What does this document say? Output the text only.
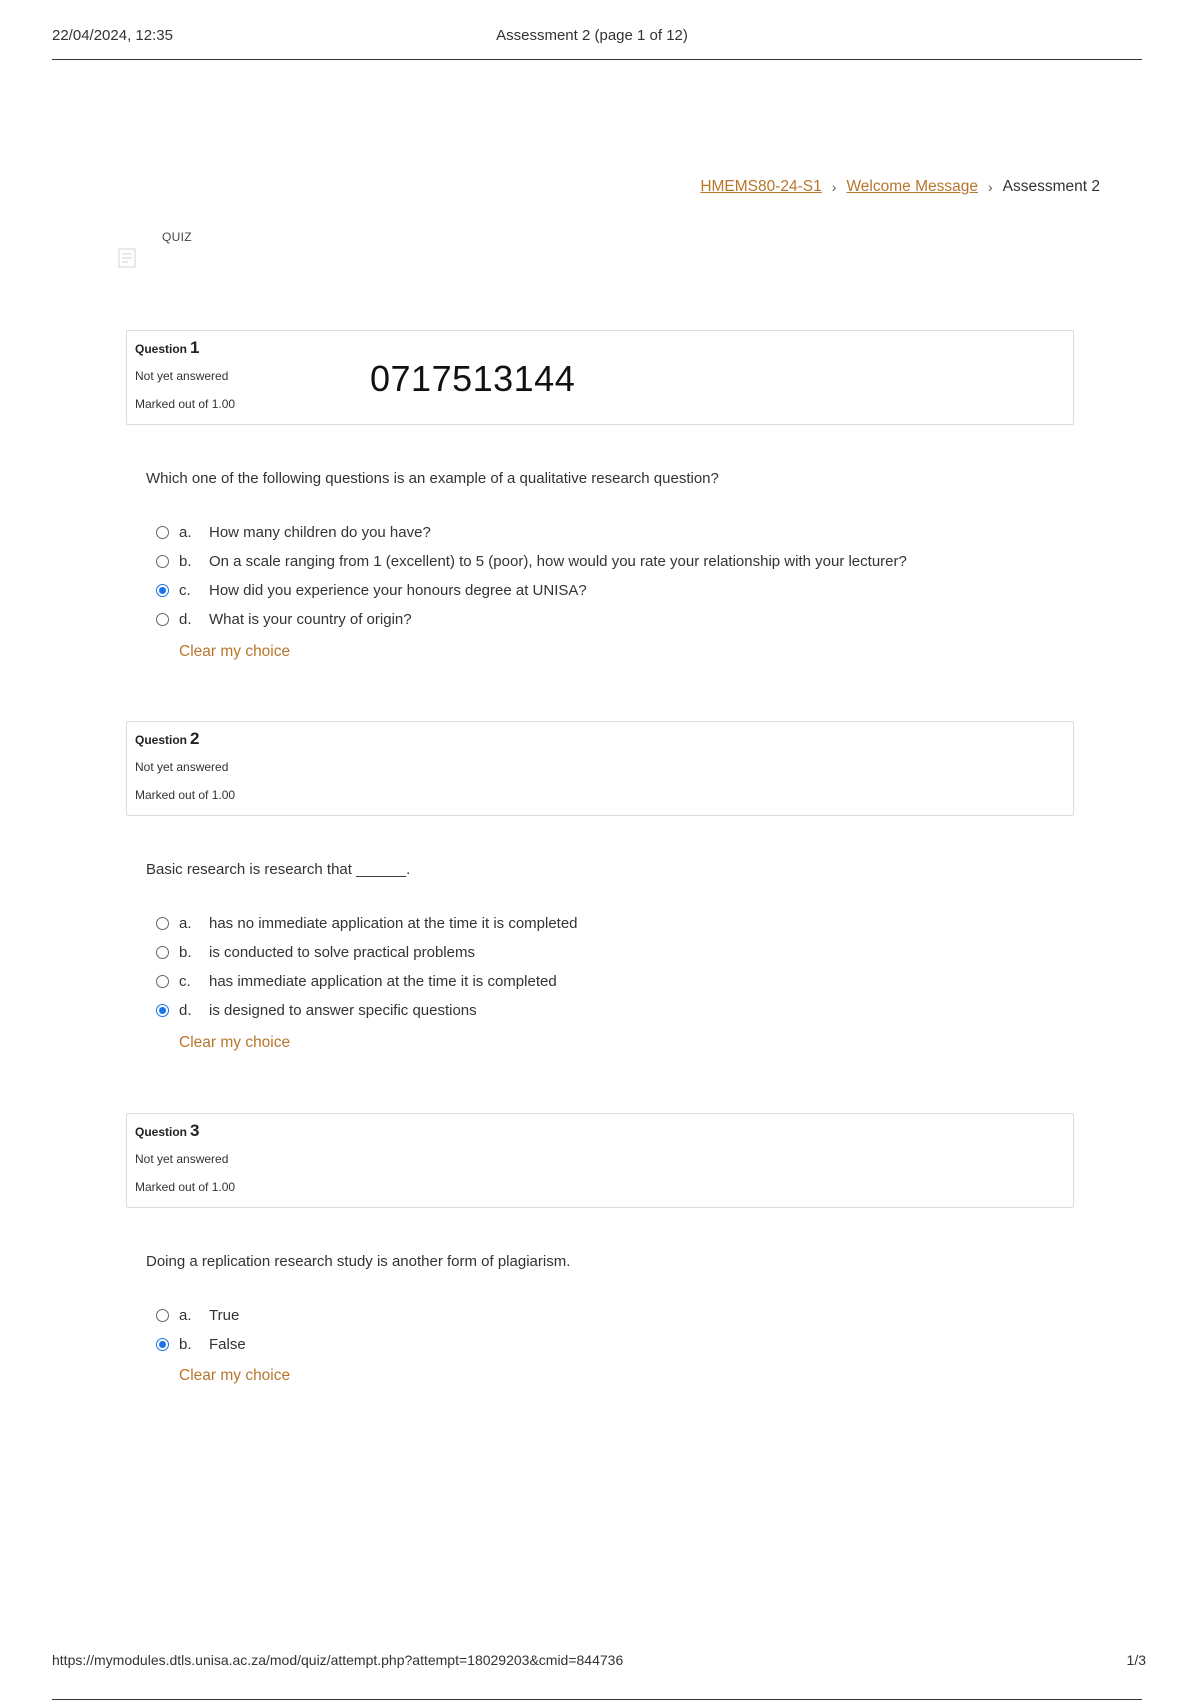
22/04/2024, 12:35	Assessment 2 (page 1 of 12)
HMEMS80-24-S1 › Welcome Message › Assessment 2
QUIZ
Question 1
Not yet answered
Marked out of 1.00
0717513144
Which one of the following questions is an example of a qualitative research question?
a.	How many children do you have?
b.	On a scale ranging from 1 (excellent) to 5 (poor), how would you rate your relationship with your lecturer?
c.	How did you experience your honours degree at UNISA?
d.	What is your country of origin?
Clear my choice
Question 2
Not yet answered
Marked out of 1.00
Basic research is research that ______.
a.	has no immediate application at the time it is completed
b.	is conducted to solve practical problems
c.	has immediate application at the time it is completed
d.	is designed to answer specific questions
Clear my choice
Question 3
Not yet answered
Marked out of 1.00
Doing a replication research study is another form of plagiarism.
a.	True
b.	False
Clear my choice
https://mymodules.dtls.unisa.ac.za/mod/quiz/attempt.php?attempt=18029203&cmid=844736	1/3
